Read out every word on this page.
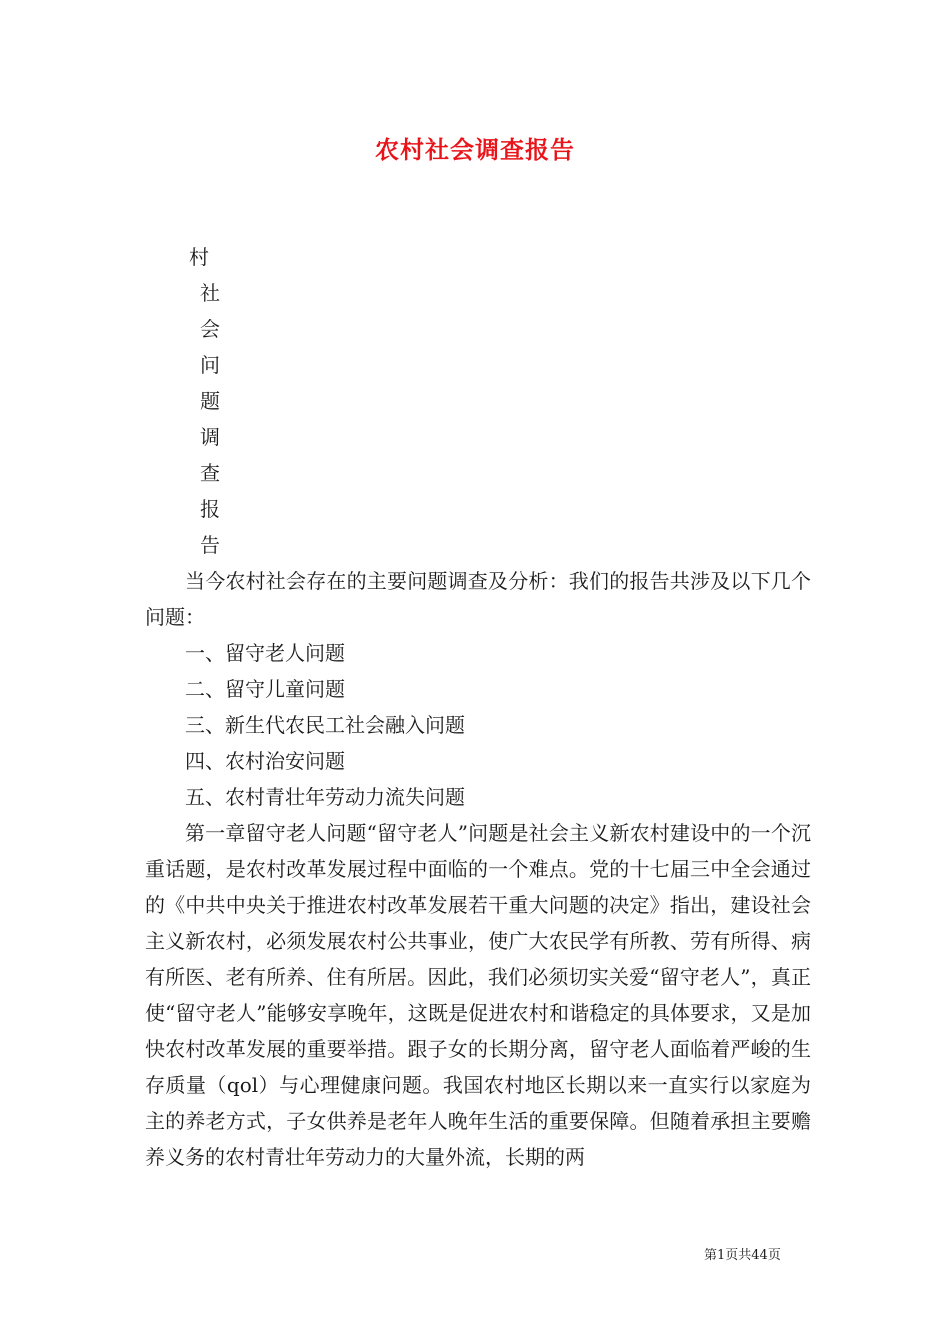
农村社会调查报告
村
社
会
问
题
调
查
报
告

当今农村社会存在的主要问题调查及分析：我们的报告共涉及以下几个问题：

一、留守老人问题

二、留守儿童问题

三、新生代农民工社会融入问题

四、农村治安问题

五、农村青壮年劳动力流失问题

第一章留守老人问题“留守老人”问题是社会主义新农村建设中的一个沉重话题，是农村改革发展过程中面临的一个难点。党的十七届三中全会通过的《中共中央关于推进农村改革发展若干重大问题的决定》指出，建设社会主义新农村，必须发展农村公共事业，使广大农民学有所教、劳有所得、病有所医、老有所养、住有所居。因此，我们必须切实关爱“留守老人”，真正使“留守老人”能够安享晚年，这既是促进农村和谐稳定的具体要求，又是加快农村改革发展的重要举措。跟子女的长期分离，留守老人面临着严峻的生存质量（qol）与心理健康问题。我国农村地区长期以来一直实行以家庭为主的养老方式，子女供养是老年人晚年生活的重要保障。但随着承担主要赡养义务的农村青壮年劳动力的大量外流，长期的两

第1页共44页
